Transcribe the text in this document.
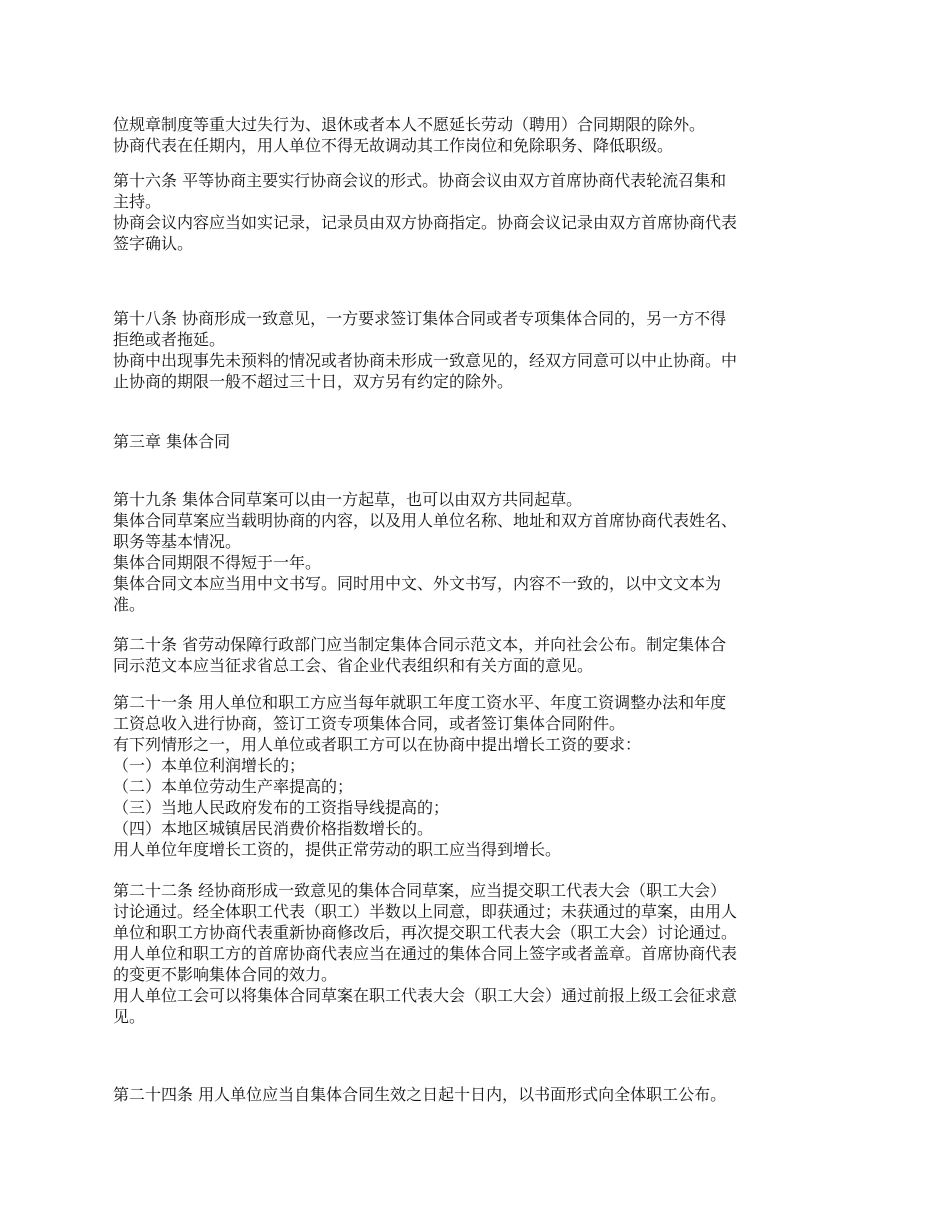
位规章制度等重大过失行为、退休或者本人不愿延长劳动（聘用）合同期限的除外。
协商代表在任期内，用人单位不得无故调动其工作岗位和免除职务、降低职级。
第十六条 平等协商主要实行协商会议的形式。协商会议由双方首席协商代表轮流召集和
主持。
协商会议内容应当如实记录，记录员由双方协商指定。协商会议记录由双方首席协商代表
签字确认。
第十八条 协商形成一致意见，一方要求签订集体合同或者专项集体合同的，另一方不得
拒绝或者拖延。
协商中出现事先未预料的情况或者协商未形成一致意见的，经双方同意可以中止协商。中
止协商的期限一般不超过三十日，双方另有约定的除外。
第三章 集体合同
第十九条 集体合同草案可以由一方起草，也可以由双方共同起草。
集体合同草案应当载明协商的内容，以及用人单位名称、地址和双方首席协商代表姓名、
职务等基本情况。
集体合同期限不得短于一年。
集体合同文本应当用中文书写。同时用中文、外文书写，内容不一致的，以中文文本为
准。
第二十条 省劳动保障行政部门应当制定集体合同示范文本，并向社会公布。制定集体合
同示范文本应当征求省总工会、省企业代表组织和有关方面的意见。
第二十一条 用人单位和职工方应当每年就职工年度工资水平、年度工资调整办法和年度
工资总收入进行协商，签订工资专项集体合同，或者签订集体合同附件。
有下列情形之一，用人单位或者职工方可以在协商中提出增长工资的要求：
（一）本单位利润增长的；
（二）本单位劳动生产率提高的；
（三）当地人民政府发布的工资指导线提高的；
（四）本地区城镇居民消费价格指数增长的。
用人单位年度增长工资的，提供正常劳动的职工应当得到增长。
第二十二条 经协商形成一致意见的集体合同草案，应当提交职工代表大会（职工大会）
讨论通过。经全体职工代表（职工）半数以上同意，即获通过；未获通过的草案，由用人
单位和职工方协商代表重新协商修改后，再次提交职工代表大会（职工大会）讨论通过。
用人单位和职工方的首席协商代表应当在通过的集体合同上签字或者盖章。首席协商代表
的变更不影响集体合同的效力。
用人单位工会可以将集体合同草案在职工代表大会（职工大会）通过前报上级工会征求意
见。
第二十四条 用人单位应当自集体合同生效之日起十日内，以书面形式向全体职工公布。
